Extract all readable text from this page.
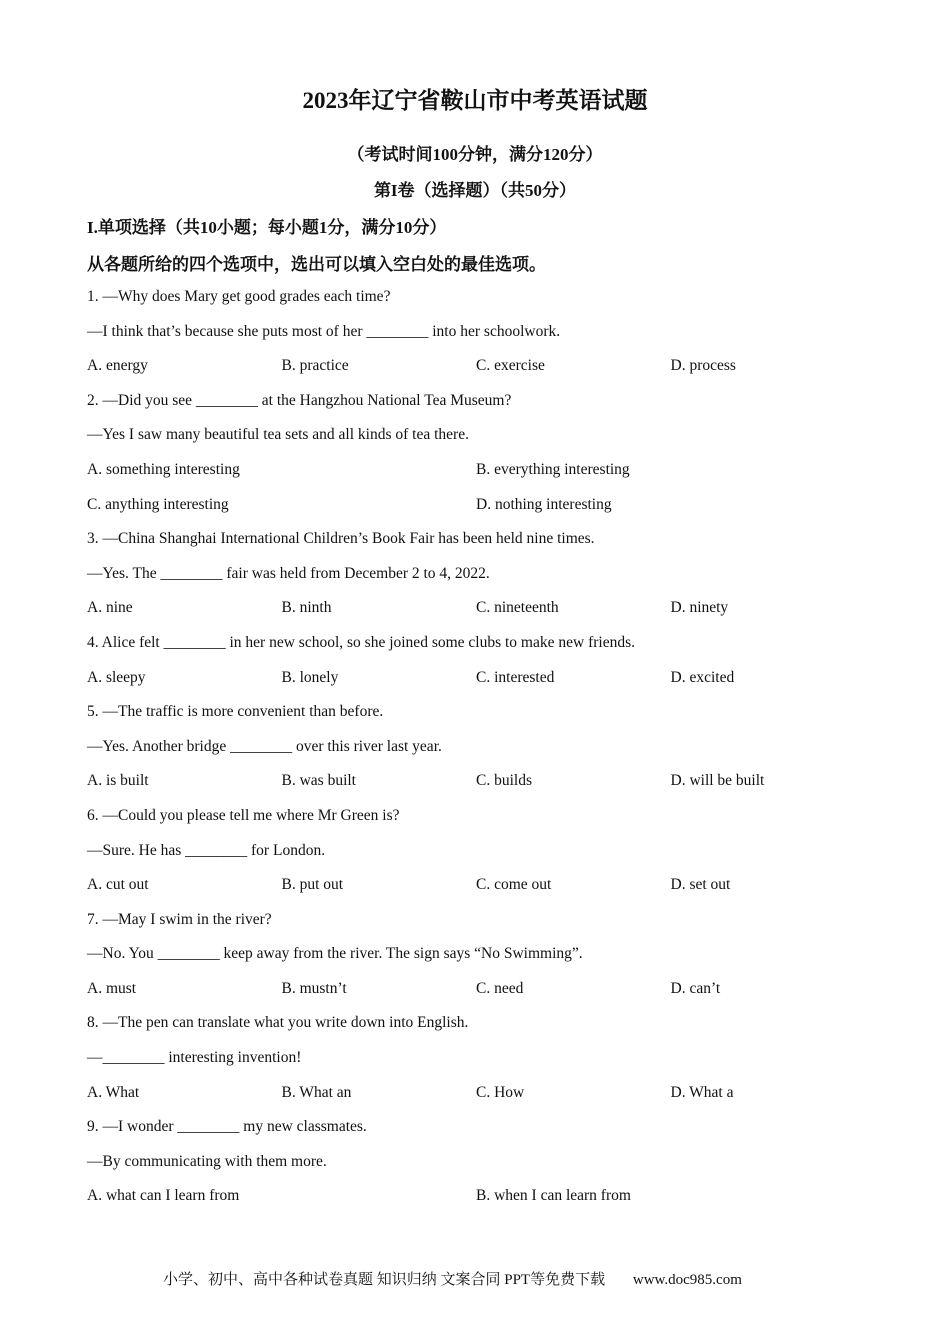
2023年辽宁省鞍山市中考英语试题
（考试时间100分钟，满分120分）
第I卷（选择题）（共50分）
I.单项选择（共10小题；每小题1分，满分10分）
从各题所给的四个选项中，选出可以填入空白处的最佳选项。
1. —Why does Mary get good grades each time?
—I think that’s because she puts most of her ________ into her schoolwork.
A. energy	B. practice	C. exercise	D. process
2. —Did you see ________ at the Hangzhou National Tea Museum?
—Yes I saw many beautiful tea sets and all kinds of tea there.
A. something interesting	B. everything interesting
C. anything interesting	D. nothing interesting
3. —China Shanghai International Children’s Book Fair has been held nine times.
—Yes. The ________ fair was held from December 2 to 4, 2022.
A. nine	B. ninth	C. nineteenth	D. ninety
4. Alice felt ________ in her new school, so she joined some clubs to make new friends.
A. sleepy	B. lonely	C. interested	D. excited
5. —The traffic is more convenient than before.
—Yes. Another bridge ________ over this river last year.
A. is built	B. was built	C. builds	D. will be built
6. —Could you please tell me where Mr Green is?
—Sure. He has ________ for London.
A. cut out	B. put out	C. come out	D. set out
7. —May I swim in the river?
—No. You ________ keep away from the river. The sign says “No Swimming”.
A. must	B. mustn’t	C. need	D. can’t
8. —The pen can translate what you write down into English.
—________ interesting invention!
A. What	B. What an	C. How	D. What a
9. —I wonder ________ my new classmates.
—By communicating with them more.
A. what can I learn from	B. when I can learn from
小学、初中、高中各种试卷真题 知识归纳 文案合同 PPT等免费下载 www.doc985.com
